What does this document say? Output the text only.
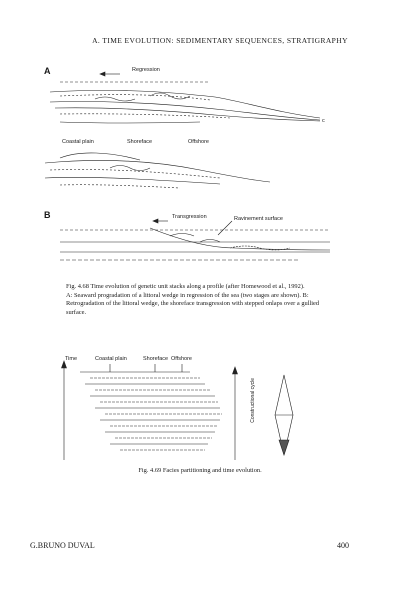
A. TIME EVOLUTION: SEDIMENTARY SEQUENCES, STRATIGRAPHY
A	Regression
Coastal plain	Shoreface	Offshore
c
B	Transgression	Ravinement surface
Fig. 4.68 Time evolution of genetic unit stacks along a profile (after Homewood et al., 1992).
A: Seaward progradation of a littoral wedge in regression of the sea (two stages are shown). B: Retrogradation of the littoral wedge, the shoreface transgression with stepped onlaps over a gullied surface.
Time	Coastal plain	Shoreface Offshore
Constructional cycle
Fig. 4.69 Facies partitioning and time evolution.
G.BRUNO DUVAL	400
